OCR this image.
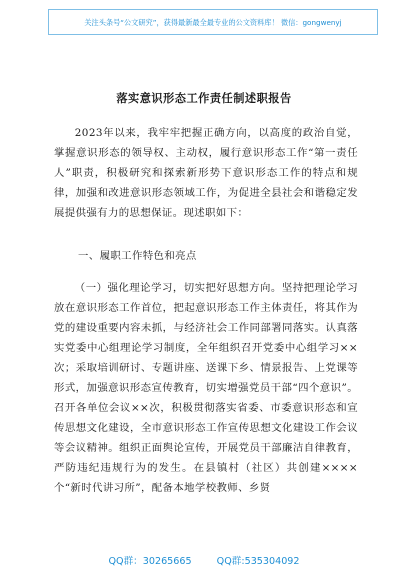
关注头条号“公文研究”，获得最新最全最专业的公文资料库！ 微信：gongwenyj
落实意识形态工作责任制述职报告

2023年以来，我牢牢把握正确方向，以高度的政治自觉，掌握意识形态的领导权、主动权，履行意识形态工作“第一责任人”职责，积极研究和探索新形势下意识形态工作的特点和规律，加强和改进意识形态领域工作，为促进全县社会和谐稳定发展提供强有力的思想保证。现述职如下：

一、履职工作特色和亮点

（一）强化理论学习，切实把好思想方向。坚持把理论学习放在意识形态工作首位，把起意识形态工作主体责任，将其作为党的建设重要内容未抓，与经济社会工作同部署同落实。认真落实党委中心组理论学习制度，全年组织召开党委中心组学习××次；采取培训研讨、专题讲座、送课下乡、情景报告、上党课等形式，加强意识形态宣传教育，切实增强党员干部“四个意识”。召开各单位会议××次，积极贯彻落实省委、市委意识形态和宣传思想文化建设，全市意识形态工作宣传思想文化建设工作会议等会议精神。组织正面舆论宣传，开展党员干部廉洁自律教育，严防违纪违规行为的发生。在县镇村（社区）共创建××××个“新时代讲习所”，配备本地学校教师、乡贤

QQ群：30265665	QQ群:535304092
